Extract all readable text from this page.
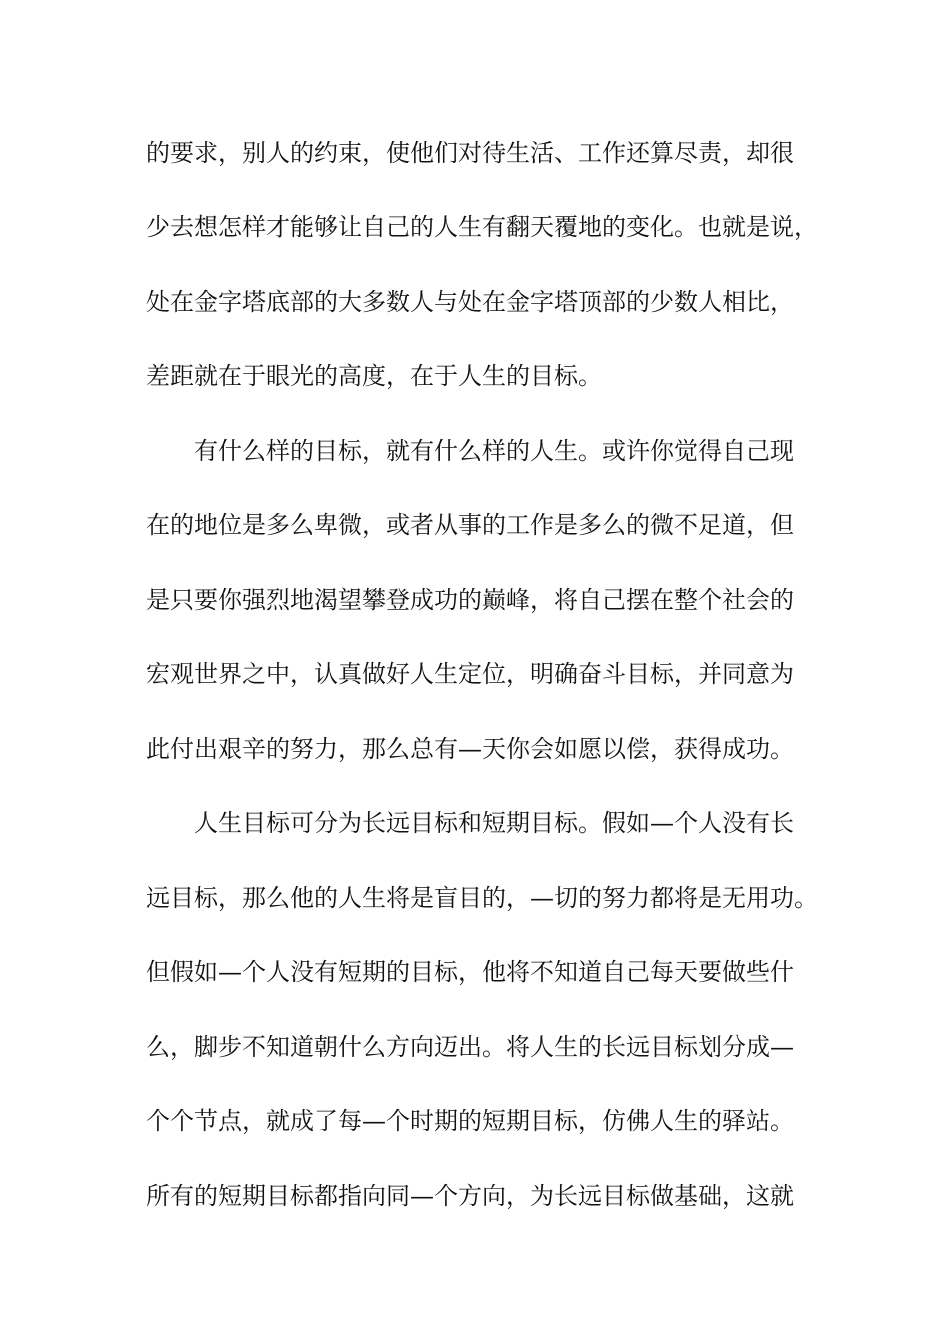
的要求，别人的约束，使他们对待生活、工作还算尽责，却很
少去想怎样才能够让自己的人生有翻天覆地的变化。也就是说，
处在金字塔底部的大多数人与处在金字塔顶部的少数人相比，
差距就在于眼光的高度，在于人生的目标。
有什么样的目标，就有什么样的人生。或许你觉得自己现
在的地位是多么卑微，或者从事的工作是多么的微不足道，但
是只要你强烈地渴望攀登成功的巅峰，将自己摆在整个社会的
宏观世界之中，认真做好人生定位，明确奋斗目标，并同意为
此付出艰辛的努力，那么总有—天你会如愿以偿，获得成功。
人生目标可分为长远目标和短期目标。假如—个人没有长
远目标，那么他的人生将是盲目的，—切的努力都将是无用功。
但假如—个人没有短期的目标，他将不知道自己每天要做些什
么，脚步不知道朝什么方向迈出。将人生的长远目标划分成—
个个节点，就成了每—个时期的短期目标，仿佛人生的驿站。
所有的短期目标都指向同—个方向，为长远目标做基础，这就
